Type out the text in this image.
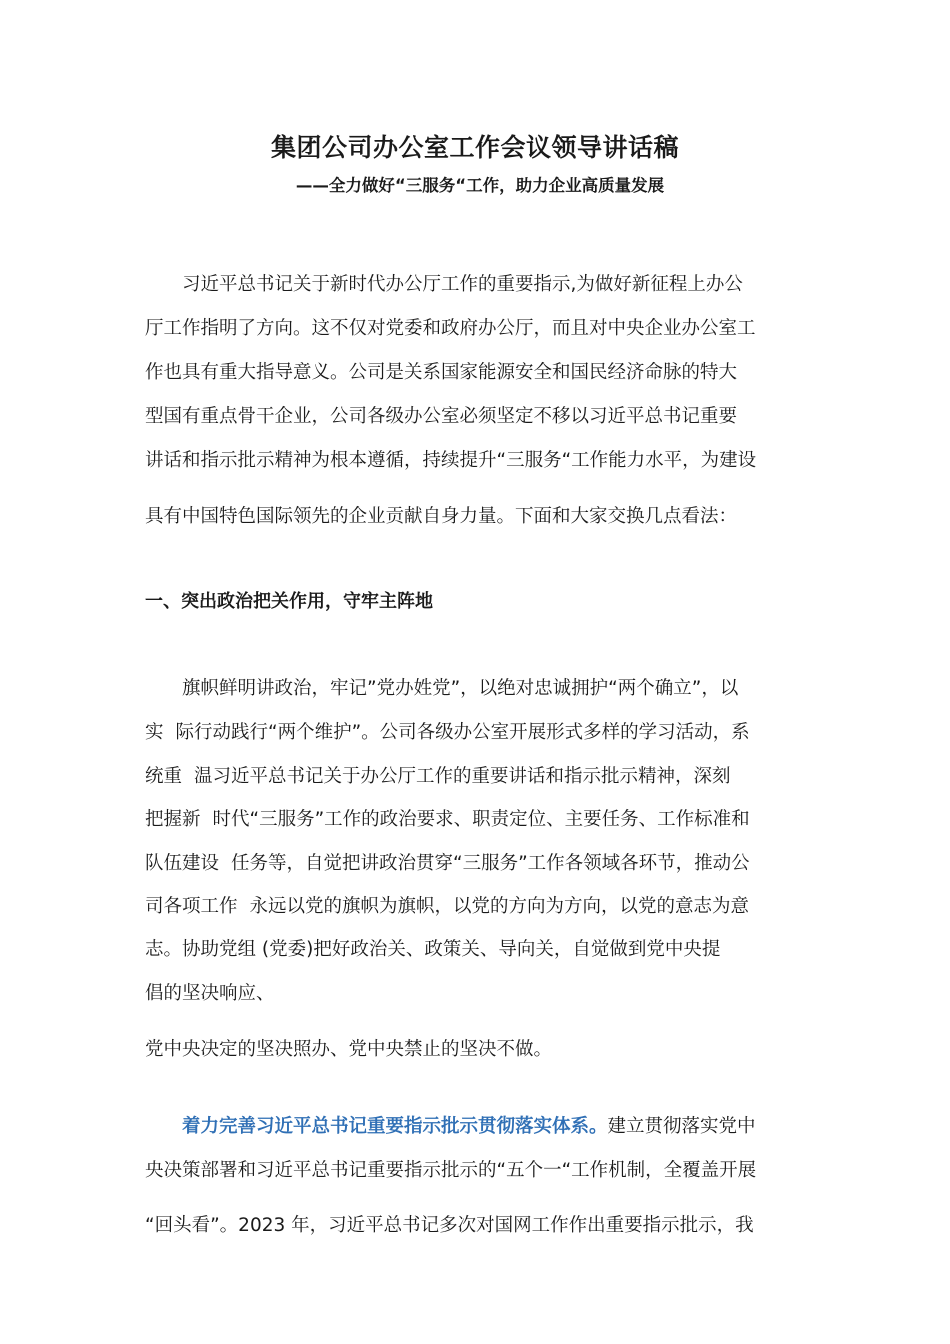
集团公司办公室工作会议领导讲话稿
——全力做好“三服务“工作，助力企业高质量发展

习近平总书记关于新时代办公厅工作的重要指示,为做好新征程上办公

厅工作指明了方向。这不仅对党委和政府办公厅，而且对中央企业办公室工

作也具有重大指导意义。公司是关系国家能源安全和国民经济命脉的特大

型国有重点骨干企业，公司各级办公室必须坚定不移以习近平总书记重要

讲话和指示批示精神为根本遵循，持续提升“三服务“工作能力水平，为建设

具有中国特色国际领先的企业贡献自身力量。下面和大家交换几点看法：

一、突出政治把关作用，守牢主阵地

旗帜鲜明讲政治，牢记”党办姓党”，以绝对忠诚拥护“两个确立”，以

实 际行动践行“两个维护”。公司各级办公室开展形式多样的学习活动，系

统重 温习近平总书记关于办公厅工作的重要讲话和指示批示精神，深刻

把握新 时代“三服务”工作的政治要求、职责定位、主要任务、工作标准和

队伍建设 任务等，自觉把讲政治贯穿“三服务”工作各领域各环节，推动公

司各项工作 永远以党的旗帜为旗帜，以党的方向为方向，以党的意志为意

志。协助党组 (党委)把好政治关、政策关、导向关，自觉做到党中央提

倡的坚决响应、

党中央决定的坚决照办、党中央禁止的坚决不做。

着力完善习近平总书记重要指示批示贯彻落实体系。建立贯彻落实党中

央决策部署和习近平总书记重要指示批示的“五个一“工作机制，全覆盖开展

“回头看”。2023 年，习近平总书记多次对国网工作作出重要指示批示，我
